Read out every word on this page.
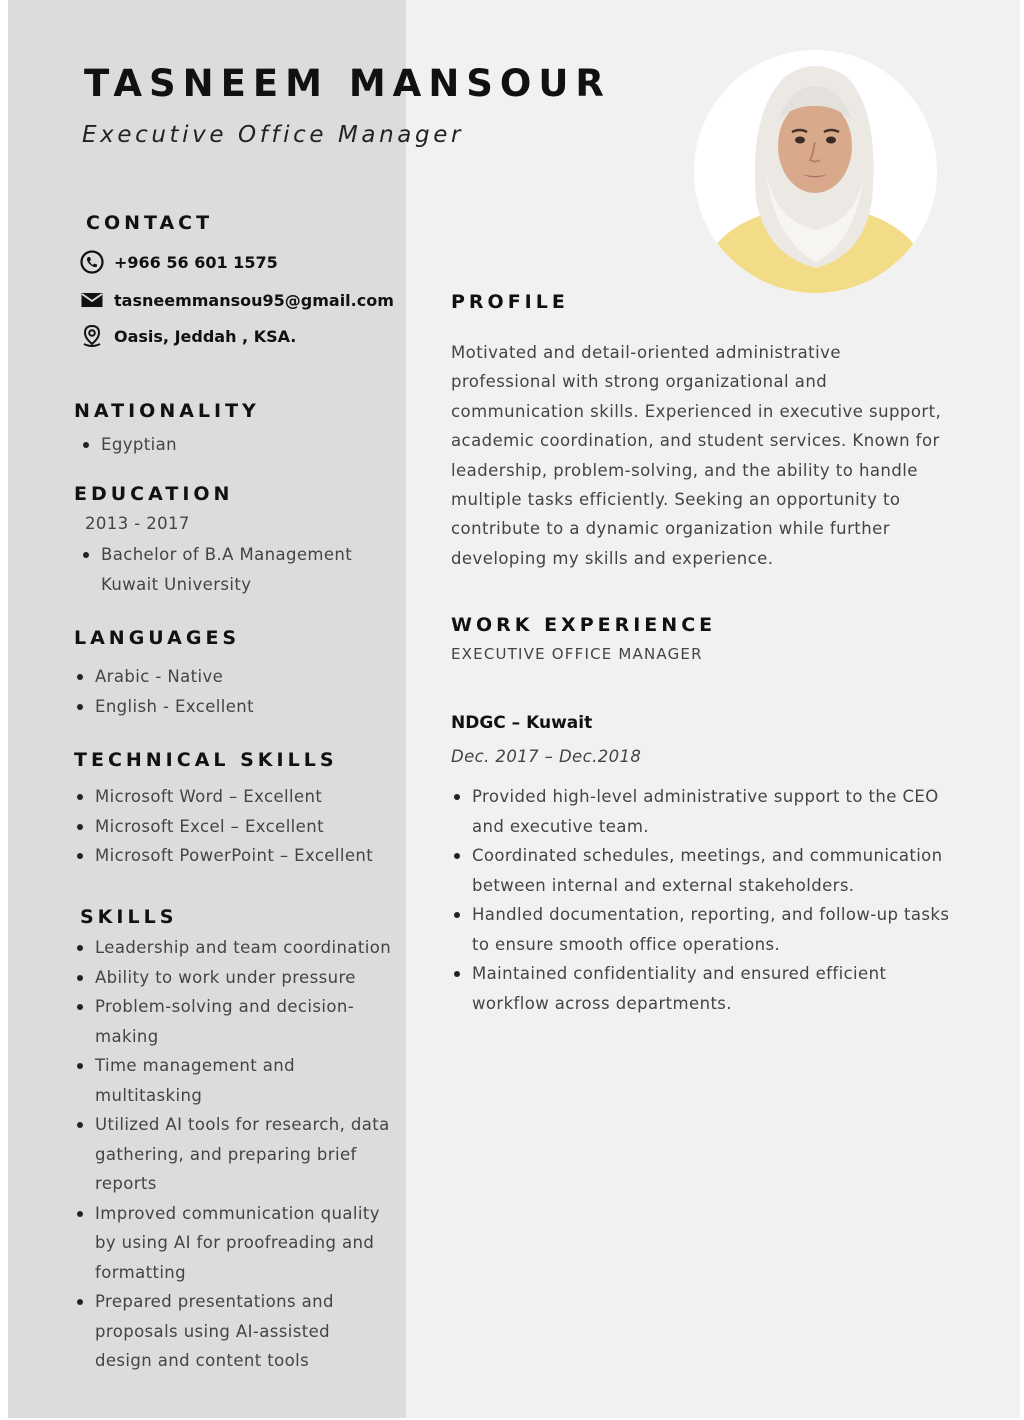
TASNEEM MANSOUR
Executive Office Manager
CONTACT
+966 56 601 1575
tasneemmansou95@gmail.com
Oasis, Jeddah , KSA.
NATIONALITY
Egyptian
EDUCATION
2013 - 2017
Bachelor of B.A Management
Kuwait University
LANGUAGES
Arabic - Native
English - Excellent
TECHNICAL SKILLS
Microsoft Word – Excellent
Microsoft Excel – Excellent
Microsoft PowerPoint – Excellent
SKILLS
Leadership and team coordination
Ability to work under pressure
Problem-solving and decision-making
Time management and multitasking
Utilized AI tools for research, data gathering, and preparing brief reports
Improved communication quality by using AI for proofreading and formatting
Prepared presentations and proposals using AI-assisted design and content tools
PROFILE
Motivated and detail-oriented administrative professional with strong organizational and communication skills. Experienced in executive support, academic coordination, and student services. Known for leadership, problem-solving, and the ability to handle multiple tasks efficiently. Seeking an opportunity to contribute to a dynamic organization while further developing my skills and experience.
WORK EXPERIENCE
EXECUTIVE OFFICE MANAGER
NDGC – Kuwait
Dec. 2017 – Dec.2018
Provided high-level administrative support to the CEO and executive team.
Coordinated schedules, meetings, and communication between internal and external stakeholders.
Handled documentation, reporting, and follow-up tasks to ensure smooth office operations.
Maintained confidentiality and ensured efficient workflow across departments.
